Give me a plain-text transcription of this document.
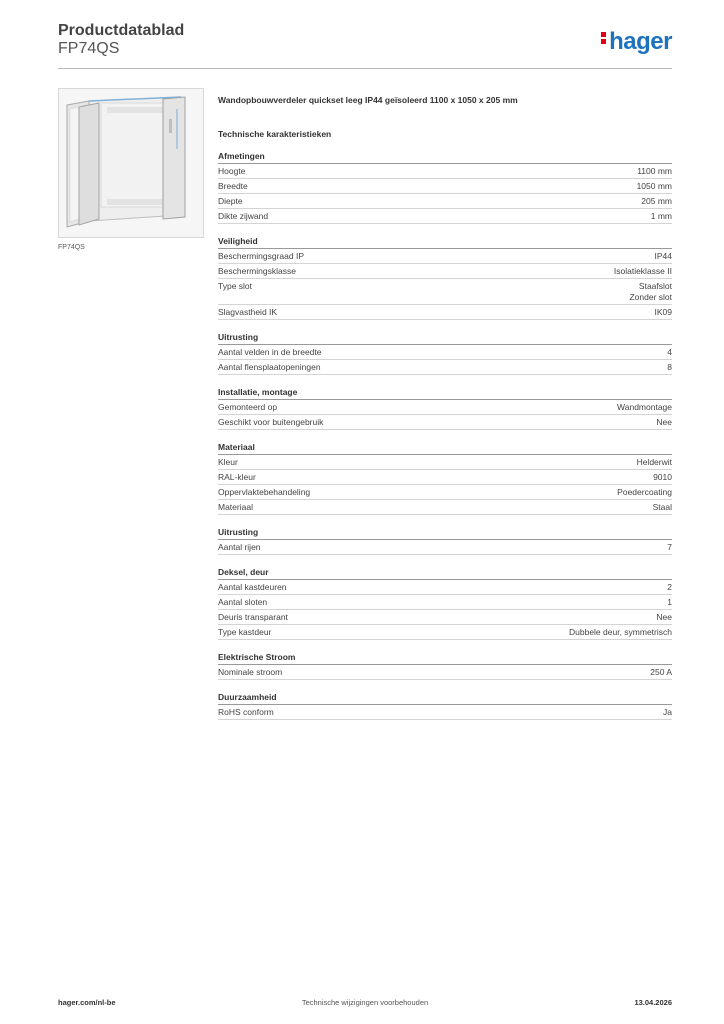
Productdatablad
FP74QS	hager
FP74QS
Wandopbouwverdeler quickset leeg IP44 geïsoleerd 1100 x 1050 x 205 mm
Technische karakteristieken
Afmetingen
Hoogte	1100 mm
Breedte	1050 mm
Diepte	205 mm
Dikte zijwand	1 mm
Veiligheid
Beschermingsgraad IP	IP44
Beschermingsklasse	Isolatieklasse II
Type slot	Staafslot
Zonder slot
Slagvastheid IK	IK09
Uitrusting
Aantal velden in de breedte	4
Aantal flensplaatopeningen	8
Installatie, montage
Gemonteerd op	Wandmontage
Geschikt voor buitengebruik	Nee
Materiaal
Kleur	Helderwit
RAL-kleur	9010
Oppervlaktebehandeling	Poedercoating
Materiaal	Staal
Uitrusting
Aantal rijen	7
Deksel, deur
Aantal kastdeuren	2
Aantal sloten	1
Deuris transparant	Nee
Type kastdeur	Dubbele deur, symmetrisch
Elektrische Stroom
Nominale stroom	250 A
Duurzaamheid
RoHS conform	Ja
hager.com/nl-be	Technische wijzigingen voorbehouden	13.04.2026
